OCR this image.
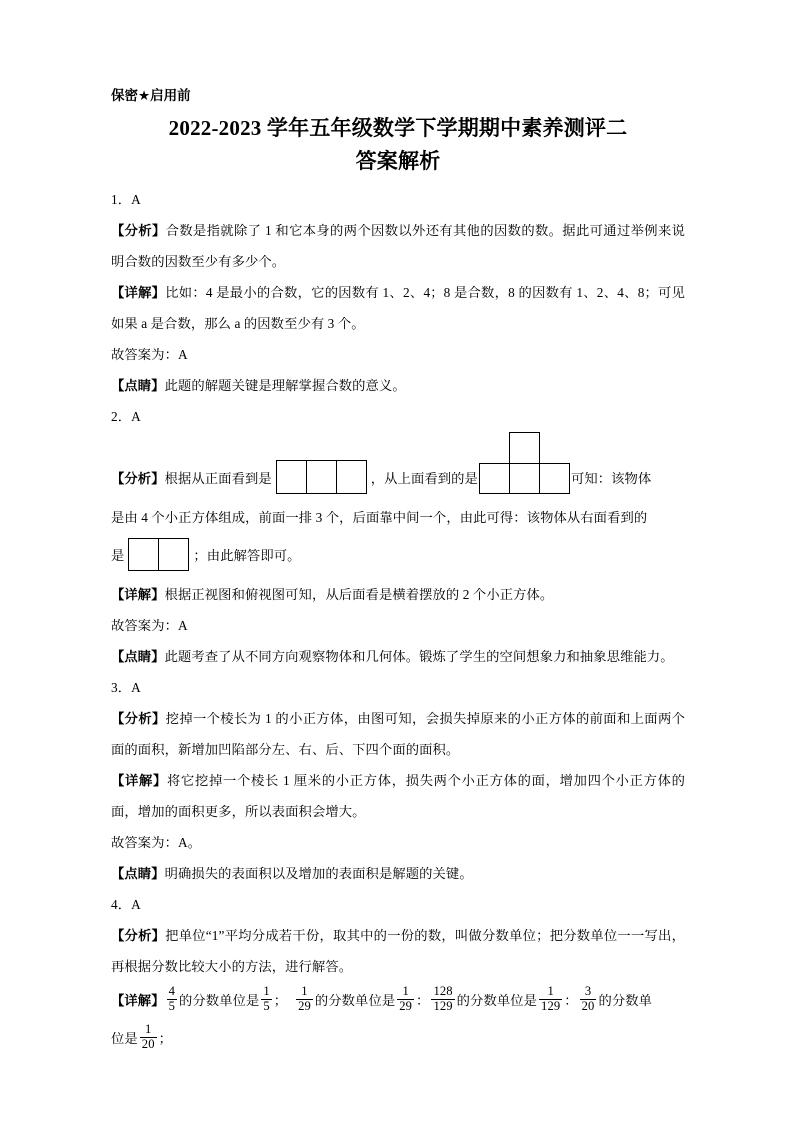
保密★启用前

2022-2023 学年五年级数学下学期期中素养测评二
答案解析

1．A

【分析】合数是指就除了 1 和它本身的两个因数以外还有其他的因数的数。据此可通过举例来说明合数的因数至少有多少个。

【详解】比如：4 是最小的合数，它的因数有 1、2、4；8 是合数，8 的因数有 1、2、4、8；可见如果 a 是合数，那么 a 的因数至少有 3 个。

故答案为：A

【点睛】此题的解题关键是理解掌握合数的意义。

2．A

【分析】根据从正面看到是	，从上面看到的是	可知：该物体

是由 4 个小正方体组成，前面一排 3 个，后面靠中间一个，由此可得：该物体从右面看到的

是	；由此解答即可。

【详解】根据正视图和俯视图可知，从后面看是横着摆放的 2 个小正方体。

故答案为：A

【点睛】此题考查了从不同方向观察物体和几何体。锻炼了学生的空间想象力和抽象思维能力。

3．A

【分析】挖掉一个棱长为 1 的小正方体，由图可知，会损失掉原来的小正方体的前面和上面两个面的面积，新增加凹陷部分左、右、后、下四个面的面积。

【详解】将它挖掉一个棱长 1 厘米的小正方体，损失两个小正方体的面，增加四个小正方体的面，增加的面积更多，所以表面积会增大。

故答案为：A。

【点睛】明确损失的表面积以及增加的表面积是解题的关键。

4．A

【分析】把单位“1”平均分成若干份，取其中的一份的数，叫做分数单位；把分数单位一一写出，再根据分数比较大小的方法，进行解答。

【详解】 $\frac{4}{5}$ 的分数单位是 $\frac{1}{5}$ ； $\frac{1}{29}$ 的分数单位是 $\frac{1}{29}$ ： $\frac{128}{129}$ 的分数单位是 $\frac{1}{129}$ ： $\frac{3}{20}$ 的分数单

位是 $\frac{1}{20}$ ；
